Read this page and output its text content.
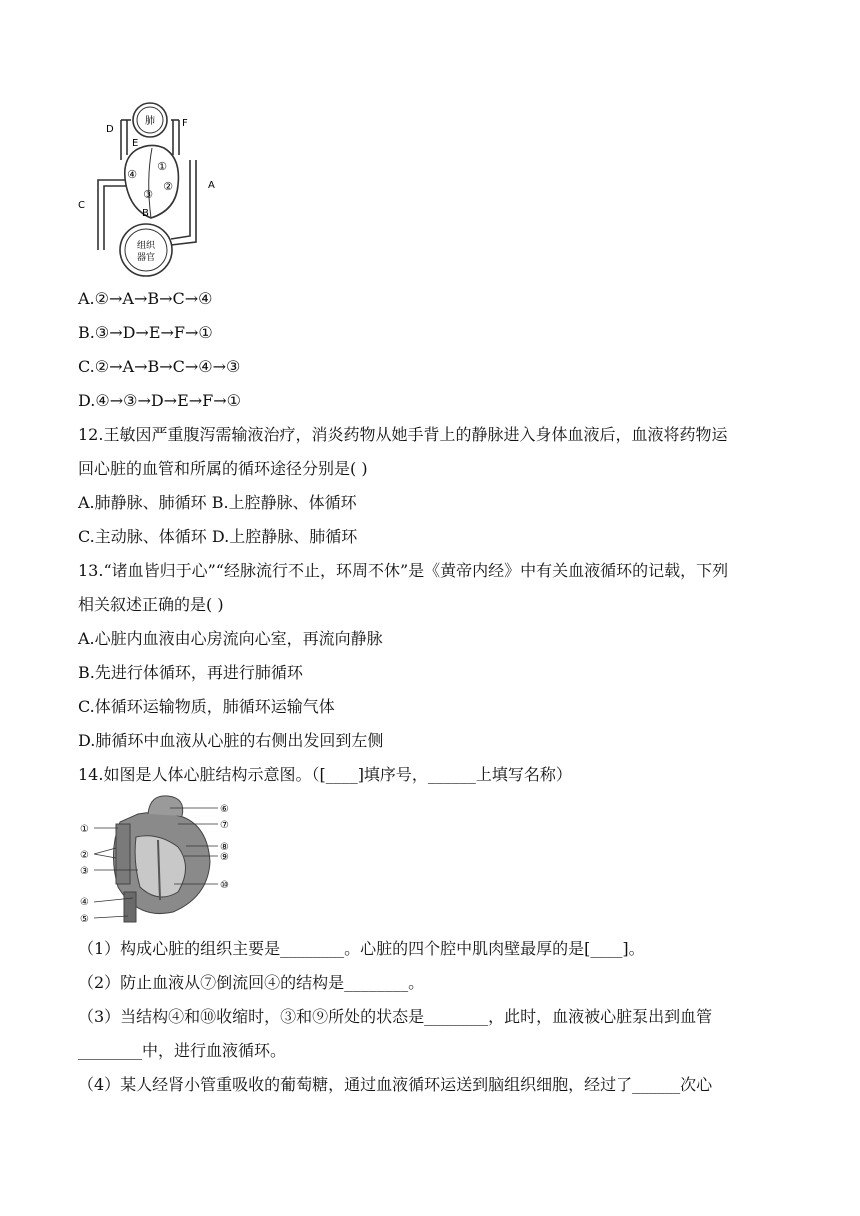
肺
组织
器官
①
②
③
④
A
B
C
D
E
F
A.②→A→B→C→④
B.③→D→E→F→①
C.②→A→B→C→④→③
D.④→③→D→E→F→①
12.王敏因严重腹泻需输液治疗，消炎药物从她手背上的静脉进入身体血液后，血液将药物运
回心脏的血管和所属的循环途径分别是( )
A.肺静脉、肺循环 B.上腔静脉、体循环
C.主动脉、体循环 D.上腔静脉、肺循环
13.“诸血皆归于心”“经脉流行不止，环周不休”是《黄帝内经》中有关血液循环的记载，下列
相关叙述正确的是( )
A.心脏内血液由心房流向心室，再流向静脉
B.先进行体循环，再进行肺循环
C.体循环运输物质，肺循环运输气体
D.肺循环中血液从心脏的右侧出发回到左侧
14.如图是人体心脏结构示意图。（[____]填序号，______上填写名称）
①
②
③
④
⑤
⑥
⑦
⑧
⑨
⑩
（1）构成心脏的组织主要是________。心脏的四个腔中肌肉壁最厚的是[____]。
（2）防止血液从⑦倒流回④的结构是________。
（3）当结构④和⑩收缩时，③和⑨所处的状态是________，此时，血液被心脏泵出到血管
________中，进行血液循环。
（4）某人经肾小管重吸收的葡萄糖，通过血液循环运送到脑组织细胞，经过了______次心
